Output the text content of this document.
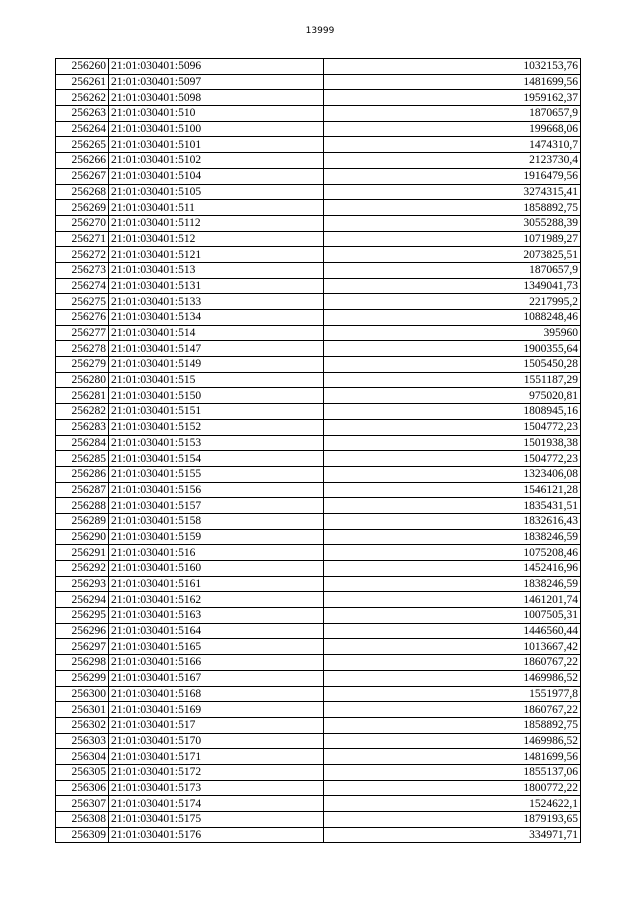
13999
256260	21:01:030401:5096	1032153,76
256261	21:01:030401:5097	1481699,56
256262	21:01:030401:5098	1959162,37
256263	21:01:030401:510	1870657,9
256264	21:01:030401:5100	199668,06
256265	21:01:030401:5101	1474310,7
256266	21:01:030401:5102	2123730,4
256267	21:01:030401:5104	1916479,56
256268	21:01:030401:5105	3274315,41
256269	21:01:030401:511	1858892,75
256270	21:01:030401:5112	3055288,39
256271	21:01:030401:512	1071989,27
256272	21:01:030401:5121	2073825,51
256273	21:01:030401:513	1870657,9
256274	21:01:030401:5131	1349041,73
256275	21:01:030401:5133	2217995,2
256276	21:01:030401:5134	1088248,46
256277	21:01:030401:514	395960
256278	21:01:030401:5147	1900355,64
256279	21:01:030401:5149	1505450,28
256280	21:01:030401:515	1551187,29
256281	21:01:030401:5150	975020,81
256282	21:01:030401:5151	1808945,16
256283	21:01:030401:5152	1504772,23
256284	21:01:030401:5153	1501938,38
256285	21:01:030401:5154	1504772,23
256286	21:01:030401:5155	1323406,08
256287	21:01:030401:5156	1546121,28
256288	21:01:030401:5157	1835431,51
256289	21:01:030401:5158	1832616,43
256290	21:01:030401:5159	1838246,59
256291	21:01:030401:516	1075208,46
256292	21:01:030401:5160	1452416,96
256293	21:01:030401:5161	1838246,59
256294	21:01:030401:5162	1461201,74
256295	21:01:030401:5163	1007505,31
256296	21:01:030401:5164	1446560,44
256297	21:01:030401:5165	1013667,42
256298	21:01:030401:5166	1860767,22
256299	21:01:030401:5167	1469986,52
256300	21:01:030401:5168	1551977,8
256301	21:01:030401:5169	1860767,22
256302	21:01:030401:517	1858892,75
256303	21:01:030401:5170	1469986,52
256304	21:01:030401:5171	1481699,56
256305	21:01:030401:5172	1855137,06
256306	21:01:030401:5173	1800772,22
256307	21:01:030401:5174	1524622,1
256308	21:01:030401:5175	1879193,65
256309	21:01:030401:5176	334971,71
